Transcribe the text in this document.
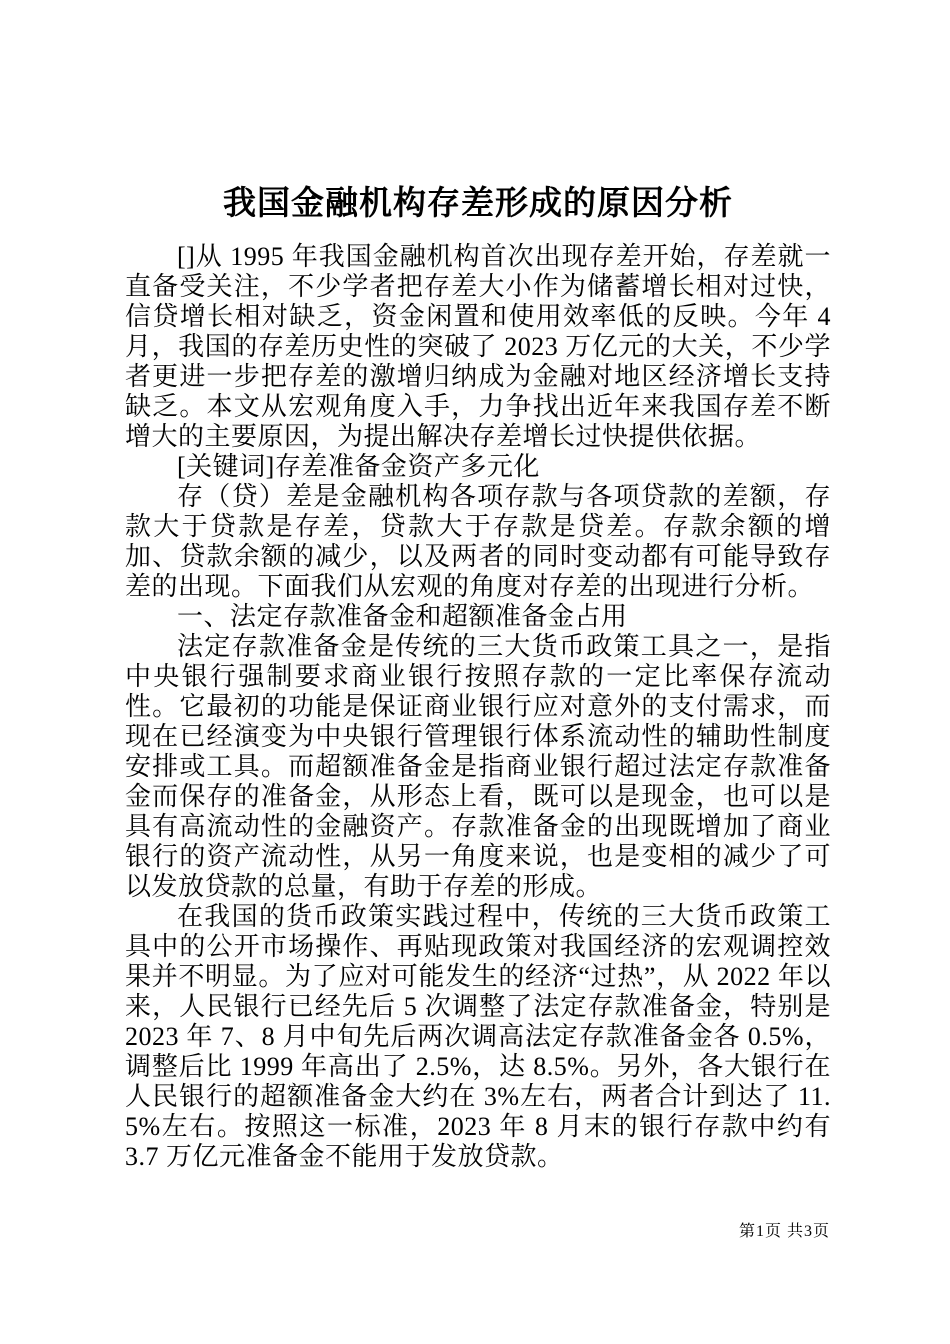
我国金融机构存差形成的原因分析

[]从 1995 年我国金融机构首次出现存差开始，存差就一直备受关注，不少学者把存差大小作为储蓄增长相对过快，信贷增长相对缺乏，资金闲置和使用效率低的反映。今年 4 月，我国的存差历史性的突破了 2023 万亿元的大关，不少学者更进一步把存差的激增归纳成为金融对地区经济增长支持缺乏。本文从宏观角度入手，力争找出近年来我国存差不断增大的主要原因，为提出解决存差增长过快提供依据。

[关键词]存差准备金资产多元化

存（贷）差是金融机构各项存款与各项贷款的差额，存款大于贷款是存差，贷款大于存款是贷差。存款余额的增加、贷款余额的减少，以及两者的同时变动都有可能导致存差的出现。下面我们从宏观的角度对存差的出现进行分析。

一、法定存款准备金和超额准备金占用

法定存款准备金是传统的三大货币政策工具之一，是指中央银行强制要求商业银行按照存款的一定比率保存流动性。它最初的功能是保证商业银行应对意外的支付需求，而现在已经演变为中央银行管理银行体系流动性的辅助性制度安排或工具。而超额准备金是指商业银行超过法定存款准备金而保存的准备金，从形态上看，既可以是现金，也可以是具有高流动性的金融资产。存款准备金的出现既增加了商业银行的资产流动性，从另一角度来说，也是变相的减少了可以发放贷款的总量，有助于存差的形成。

在我国的货币政策实践过程中，传统的三大货币政策工具中的公开市场操作、再贴现政策对我国经济的宏观调控效果并不明显。为了应对可能发生的经济“过热”，从 2022 年以来，人民银行已经先后 5 次调整了法定存款准备金，特别是 2023 年 7、8 月中旬先后两次调高法定存款准备金各 0.5%，调整后比 1999 年高出了 2.5%，达 8.5%。另外，各大银行在人民银行的超额准备金大约在 3%左右，两者合计到达了 11.5%左右。按照这一标准，2023 年 8 月末的银行存款中约有 3.7 万亿元准备金不能用于发放贷款。

第1页 共3页
